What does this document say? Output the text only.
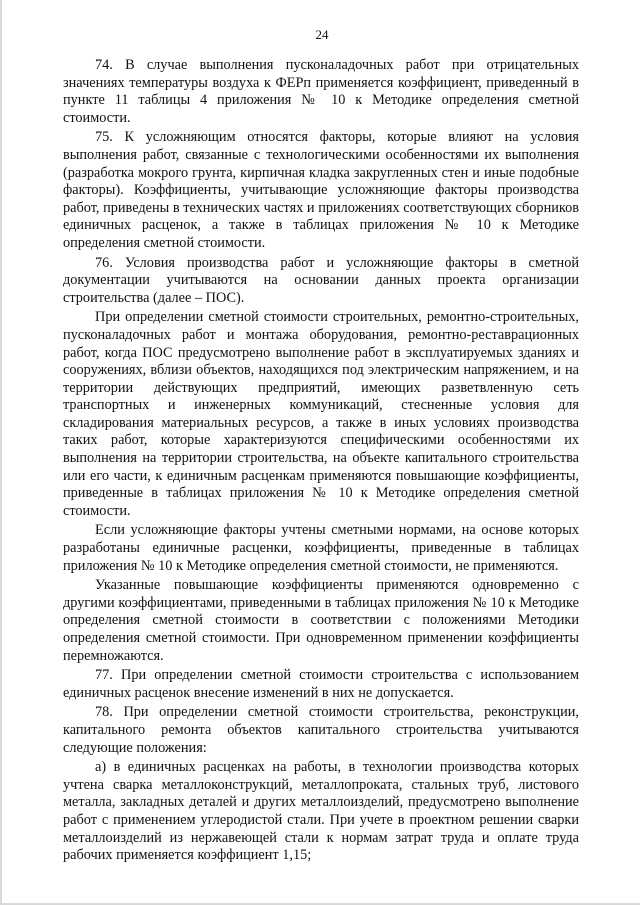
24

74. В случае выполнения пусконаладочных работ при отрицательных значениях температуры воздуха к ФЕРп применяется коэффициент, приведенный в пункте 11 таблицы 4 приложения № 10 к Методике определения сметной стоимости.

75. К усложняющим относятся факторы, которые влияют на условия выполнения работ, связанные с технологическими особенностями их выполнения (разработка мокрого грунта, кирпичная кладка закругленных стен и иные подобные факторы). Коэффициенты, учитывающие усложняющие факторы производства работ, приведены в технических частях и приложениях соответствующих сборников единичных расценок, а также в таблицах приложения № 10 к Методике определения сметной стоимости.

76. Условия производства работ и усложняющие факторы в сметной документации учитываются на основании данных проекта организации строительства (далее – ПОС).

При определении сметной стоимости строительных, ремонтно-строительных, пусконаладочных работ и монтажа оборудования, ремонтно-реставрационных работ, когда ПОС предусмотрено выполнение работ в эксплуатируемых зданиях и сооружениях, вблизи объектов, находящихся под электрическим напряжением, и на территории действующих предприятий, имеющих разветвленную сеть транспортных и инженерных коммуникаций, стесненные условия для складирования материальных ресурсов, а также в иных условиях производства таких работ, которые характеризуются специфическими особенностями их выполнения на территории строительства, на объекте капитального строительства или его части, к единичным расценкам применяются повышающие коэффициенты, приведенные в таблицах приложения № 10 к Методике определения сметной стоимости.

Если усложняющие факторы учтены сметными нормами, на основе которых разработаны единичные расценки, коэффициенты, приведенные в таблицах приложения № 10 к Методике определения сметной стоимости, не применяются.

Указанные повышающие коэффициенты применяются одновременно с другими коэффициентами, приведенными в таблицах приложения № 10 к Методике определения сметной стоимости в соответствии с положениями Методики определения сметной стоимости. При одновременном применении коэффициенты перемножаются.

77. При определении сметной стоимости строительства с использованием единичных расценок внесение изменений в них не допускается.

78. При определении сметной стоимости строительства, реконструкции, капитального ремонта объектов капитального строительства учитываются следующие положения:

а) в единичных расценках на работы, в технологии производства которых учтена сварка металлоконструкций, металлопроката, стальных труб, листового металла, закладных деталей и других металлоизделий, предусмотрено выполнение работ с применением углеродистой стали. При учете в проектном решении сварки металлоизделий из нержавеющей стали к нормам затрат труда и оплате труда рабочих применяется коэффициент 1,15;
